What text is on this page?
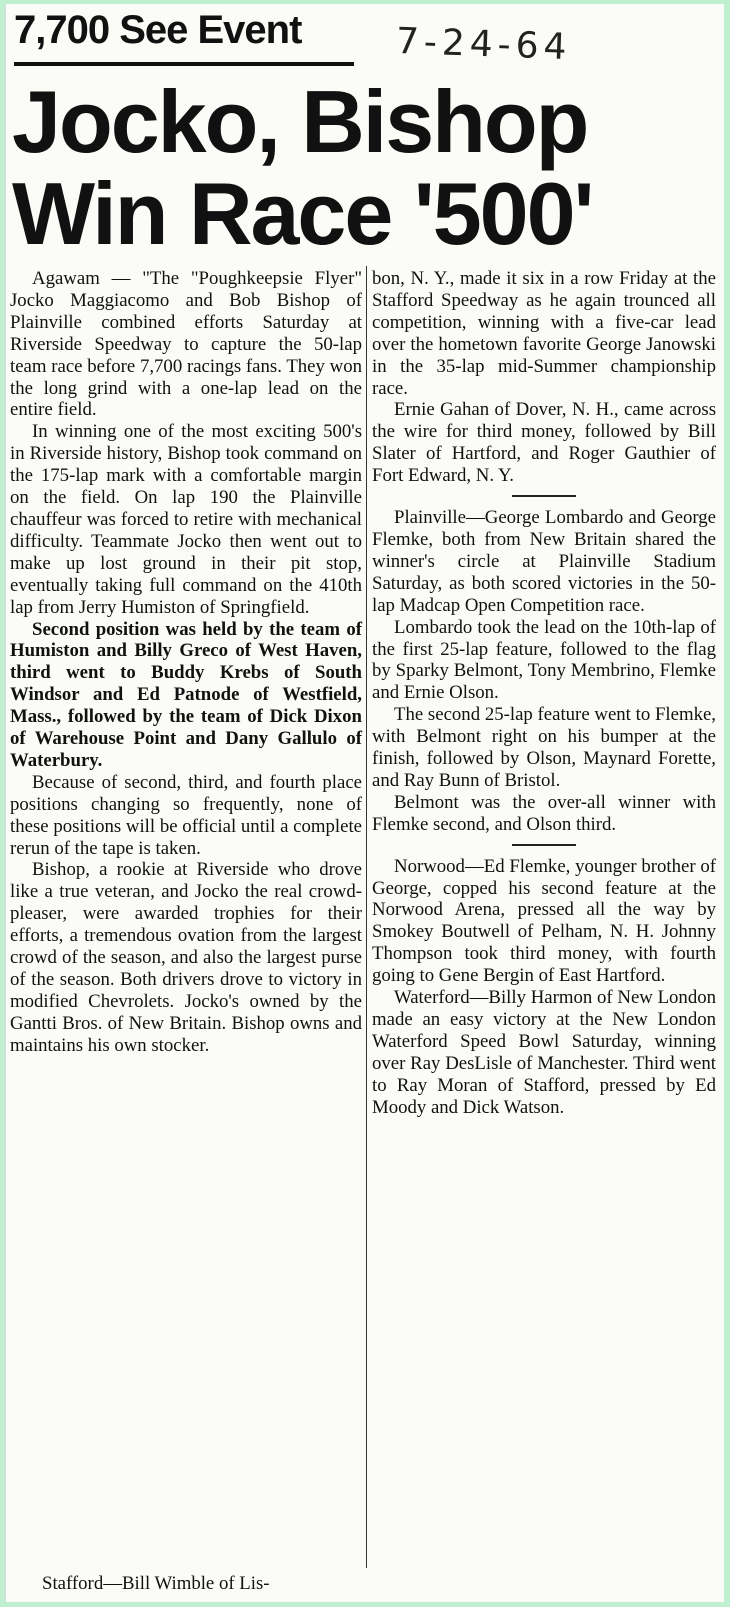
7,700 See Event	7-24-64
Jocko, Bishop
Win Race '500'

Agawam — "The "Poughkeepsie Flyer" Jocko Maggiacomo and Bob Bishop of Plainville combined efforts Saturday at Riverside Speedway to capture the 50-lap team race before 7,700 racings fans. They won the long grind with a one-lap lead on the entire field.

In winning one of the most exciting 500's in Riverside history, Bishop took command on the 175-lap mark with a comfortable margin on the field. On lap 190 the Plainville chauffeur was forced to retire with mechanical difficulty. Teammate Jocko then went out to make up lost ground in their pit stop, eventually taking full command on the 410th lap from Jerry Humiston of Springfield.

Second position was held by the team of Humiston and Billy Greco of West Haven, third went to Buddy Krebs of South Windsor and Ed Patnode of Westfield, Mass., followed by the team of Dick Dixon of Warehouse Point and Dany Gallulo of Waterbury.

Because of second, third, and fourth place positions changing so frequently, none of these positions will be official until a complete rerun of the tape is taken.

Bishop, a rookie at Riverside who drove like a true veteran, and Jocko the real crowd-pleaser, were awarded trophies for their efforts, a tremendous ovation from the largest crowd of the season, and also the largest purse of the season. Both drivers drove to victory in modified Chevrolets. Jocko's owned by the Gantti Bros. of New Britain. Bishop owns and maintains his own stocker.

bon, N. Y., made it six in a row Friday at the Stafford Speedway as he again trounced all competition, winning with a five-car lead over the hometown favorite George Janowski in the 35-lap mid-Summer championship race.

Ernie Gahan of Dover, N. H., came across the wire for third money, followed by Bill Slater of Hartford, and Roger Gauthier of Fort Edward, N. Y.

Plainville—George Lombardo and George Flemke, both from New Britain shared the winner's circle at Plainville Stadium Saturday, as both scored victories in the 50-lap Madcap Open Competition race.

Lombardo took the lead on the 10th-lap of the first 25-lap feature, followed to the flag by Sparky Belmont, Tony Membrino, Flemke and Ernie Olson.

The second 25-lap feature went to Flemke, with Belmont right on his bumper at the finish, followed by Olson, Maynard Forette, and Ray Bunn of Bristol.

Belmont was the over-all winner with Flemke second, and Olson third.

Norwood—Ed Flemke, younger brother of George, copped his second feature at the Norwood Arena, pressed all the way by Smokey Boutwell of Pelham, N. H. Johnny Thompson took third money, with fourth going to Gene Bergin of East Hartford.

Waterford—Billy Harmon of New London made an easy victory at the New London Waterford Speed Bowl Saturday, winning over Ray DesLisle of Manchester. Third went to Ray Moran of Stafford, pressed by Ed Moody and Dick Watson.

Stafford—Bill Wimble of Lis-
